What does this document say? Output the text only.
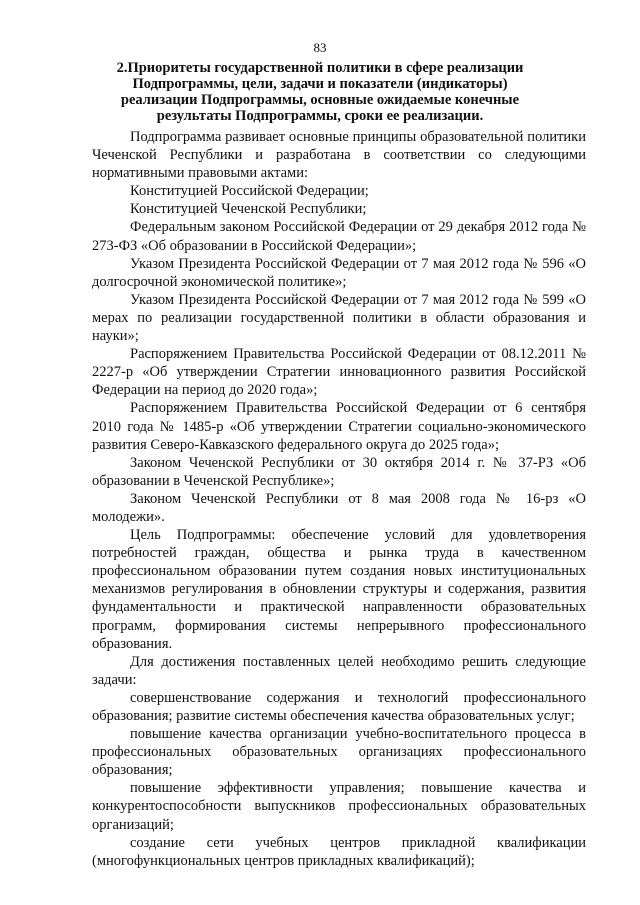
83
2.Приоритеты государственной политики в сфере реализации Подпрограммы, цели, задачи и показатели (индикаторы) реализации Подпрограммы, основные ожидаемые конечные результаты Подпрограммы, сроки ее реализации.

Подпрограмма развивает основные принципы образовательной политики Чеченской Республики и разработана в соответствии со следующими нормативными правовыми актами:

Конституцией Российской Федерации;

Конституцией Чеченской Республики;

Федеральным законом Российской Федерации от 29 декабря 2012 года № 273-ФЗ «Об образовании в Российской Федерации»;

Указом Президента Российской Федерации от 7 мая 2012 года № 596 «О долгосрочной экономической политике»;

Указом Президента Российской Федерации от 7 мая 2012 года № 599 «О мерах по реализации государственной политики в области образования и науки»;

Распоряжением Правительства Российской Федерации от 08.12.2011 № 2227-р «Об утверждении Стратегии инновационного развития Российской Федерации на период до 2020 года»;

Распоряжением Правительства Российской Федерации от 6 сентября 2010 года № 1485-р «Об утверждении Стратегии социально-экономического развития Северо-Кавказского федерального округа до 2025 года»;

Законом Чеченской Республики от 30 октября 2014 г. № 37-РЗ «Об образовании в Чеченской Республике»;

Законом Чеченской Республики от 8 мая 2008 года № 16-рз «О молодежи».

Цель Подпрограммы: обеспечение условий для удовлетворения потребностей граждан, общества и рынка труда в качественном профессиональном образовании путем создания новых институциональных механизмов регулирования в обновлении структуры и содержания, развития фундаментальности и практической направленности образовательных программ, формирования системы непрерывного профессионального образования.

Для достижения поставленных целей необходимо решить следующие задачи:

совершенствование содержания и технологий профессионального образования; развитие системы обеспечения качества образовательных услуг;

повышение качества организации учебно-воспитательного процесса в профессиональных образовательных организациях профессионального образования;

повышение эффективности управления; повышение качества и конкурентоспособности выпускников профессиональных образовательных организаций;

создание сети учебных центров прикладной квалификации (многофункциональных центров прикладных квалификаций);
